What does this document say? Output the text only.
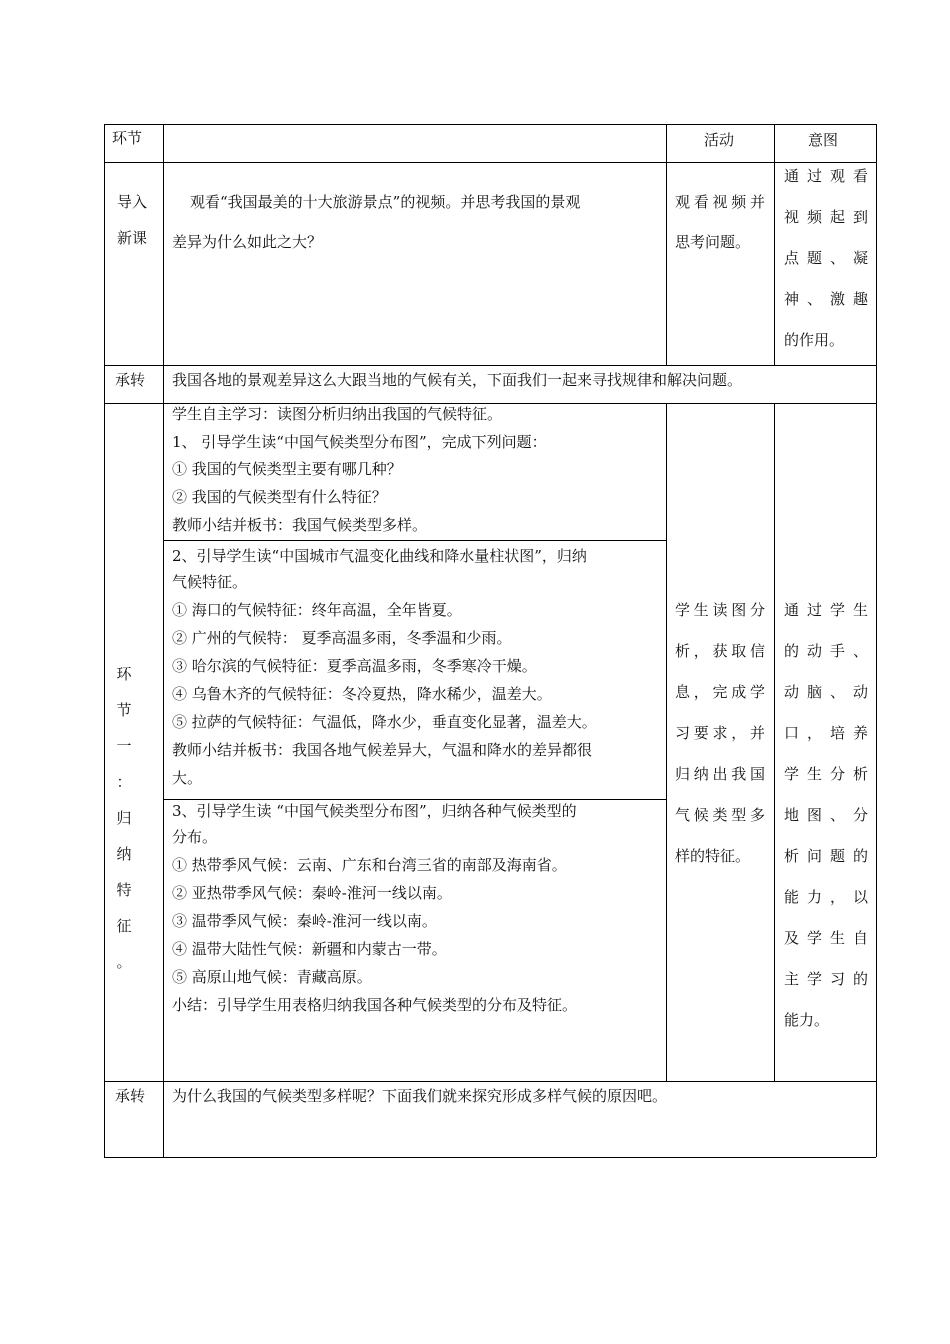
环节	活动	意图
导入
新课
观看“我国最美的十大旅游景点”的视频。并思考我国的景观
差异为什么如此之大？
观看视频并
思考问题。
通过观看
视频起到
点题、凝
神、激趣
的作用。
承转 我国各地的景观差异这么大跟当地的气候有关，下面我们一起来寻找规律和解决问题。
环
节
一
：
归
纳
特
征
。
学生自主学习：读图分析归纳出我国的气候特征。
1、 引导学生读“中国气候类型分布图”，完成下列问题：
① 我国的气候类型主要有哪几种？
② 我国的气候类型有什么特征？
教师小结并板书：我国气候类型多样。
2、引导学生读“中国城市气温变化曲线和降水量柱状图”，归纳
气候特征。
① 海口的气候特征：终年高温，全年皆夏。
② 广州的气候特： 夏季高温多雨，冬季温和少雨。
③ 哈尔滨的气候特征：夏季高温多雨，冬季寒冷干燥。
④ 乌鲁木齐的气候特征：冬冷夏热，降水稀少，温差大。
⑤ 拉萨的气候特征：气温低，降水少，垂直变化显著，温差大。
教师小结并板书：我国各地气候差异大，气温和降水的差异都很
大。
3、引导学生读 “中国气候类型分布图”，归纳各种气候类型的
分布。
① 热带季风气候：云南、广东和台湾三省的南部及海南省。
② 亚热带季风气候：秦岭-淮河一线以南。
③ 温带季风气候：秦岭-淮河一线以南。
④ 温带大陆性气候：新疆和内蒙古一带。
⑤ 高原山地气候：青藏高原。
小结：引导学生用表格归纳我国各种气候类型的分布及特征。
学生读图分
析，获取信
息，完成学
习要求，并
归纳出我国
气候类型多
样的特征。
通过学生
的动手、
动脑、动
口，培养
学生分析
地图、分
析问题的
能力，以
及学生自
主学习的
能力。
承转 为什么我国的气候类型多样呢？下面我们就来探究形成多样气候的原因吧。
